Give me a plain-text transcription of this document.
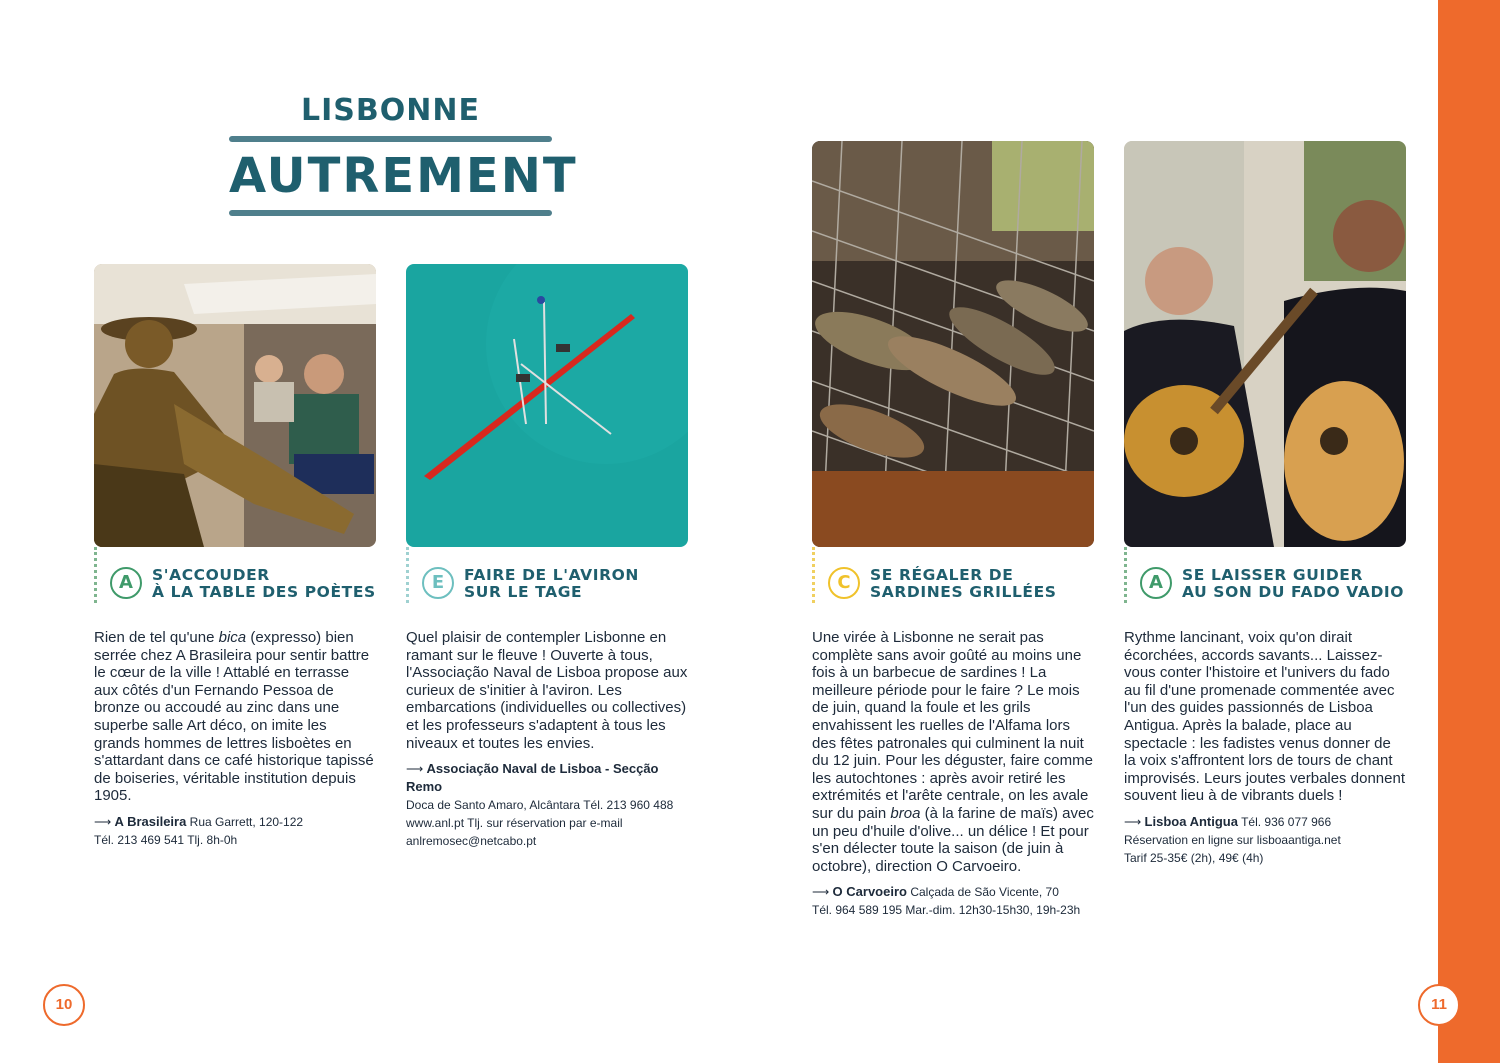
LISBONNE
AUTREMENT
A	S'ACCOUDER
À LA TABLE DES POÈTES

Rien de tel qu'une bica (expresso) bien serrée chez A Brasileira pour sentir battre le cœur de la ville ! Attablé en terrasse aux côtés d'un Fernando Pessoa de bronze ou accoudé au zinc dans une superbe salle Art déco, on imite les grands hommes de lettres lisboètes en s'attardant dans ce café historique tapissé de boiseries, véritable institution depuis 1905.

⟶ A Brasileira Rua Garrett, 120-122
Tél. 213 469 541 Tlj. 8h-0h
E	FAIRE DE L'AVIRON
SUR LE TAGE

Quel plaisir de contempler Lisbonne en ramant sur le fleuve ! Ouverte à tous, l'Associação Naval de Lisboa propose aux curieux de s'initier à l'aviron. Les embarcations (individuelles ou collectives) et les professeurs s'adaptent à tous les niveaux et toutes les envies.

⟶ Associação Naval de Lisboa - Secção Remo
Doca de Santo Amaro, Alcântara Tél. 213 960 488
www.anl.pt Tlj. sur réservation par e-mail
anlremosec@netcabo.pt
C	SE RÉGALER DE
SARDINES GRILLÉES

Une virée à Lisbonne ne serait pas complète sans avoir goûté au moins une fois à un barbecue de sardines ! La meilleure période pour le faire ? Le mois de juin, quand la foule et les grils envahissent les ruelles de l'Alfama lors des fêtes patronales qui culminent la nuit du 12 juin. Pour les déguster, faire comme les autochtones : après avoir retiré les extrémités et l'arête centrale, on les avale sur du pain broa (à la farine de maïs) avec un peu d'huile d'olive... un délice ! Et pour s'en délecter toute la saison (de juin à octobre), direction O Carvoeiro.

⟶ O Carvoeiro Calçada de São Vicente, 70
Tél. 964 589 195 Mar.-dim. 12h30-15h30, 19h-23h
A	SE LAISSER GUIDER
AU SON DU FADO VADIO

Rythme lancinant, voix qu'on dirait écorchées, accords savants... Laissez-vous conter l'histoire et l'univers du fado au fil d'une promenade commentée avec l'un des guides passionnés de Lisboa Antigua. Après la balade, place au spectacle : les fadistes venus donner de la voix s'affrontent lors de tours de chant improvisés. Leurs joutes verbales donnent souvent lieu à de vibrants duels !

⟶ Lisboa Antigua Tél. 936 077 966
Réservation en ligne sur lisboaantiga.net
Tarif 25-35€ (2h), 49€ (4h)
10	11
